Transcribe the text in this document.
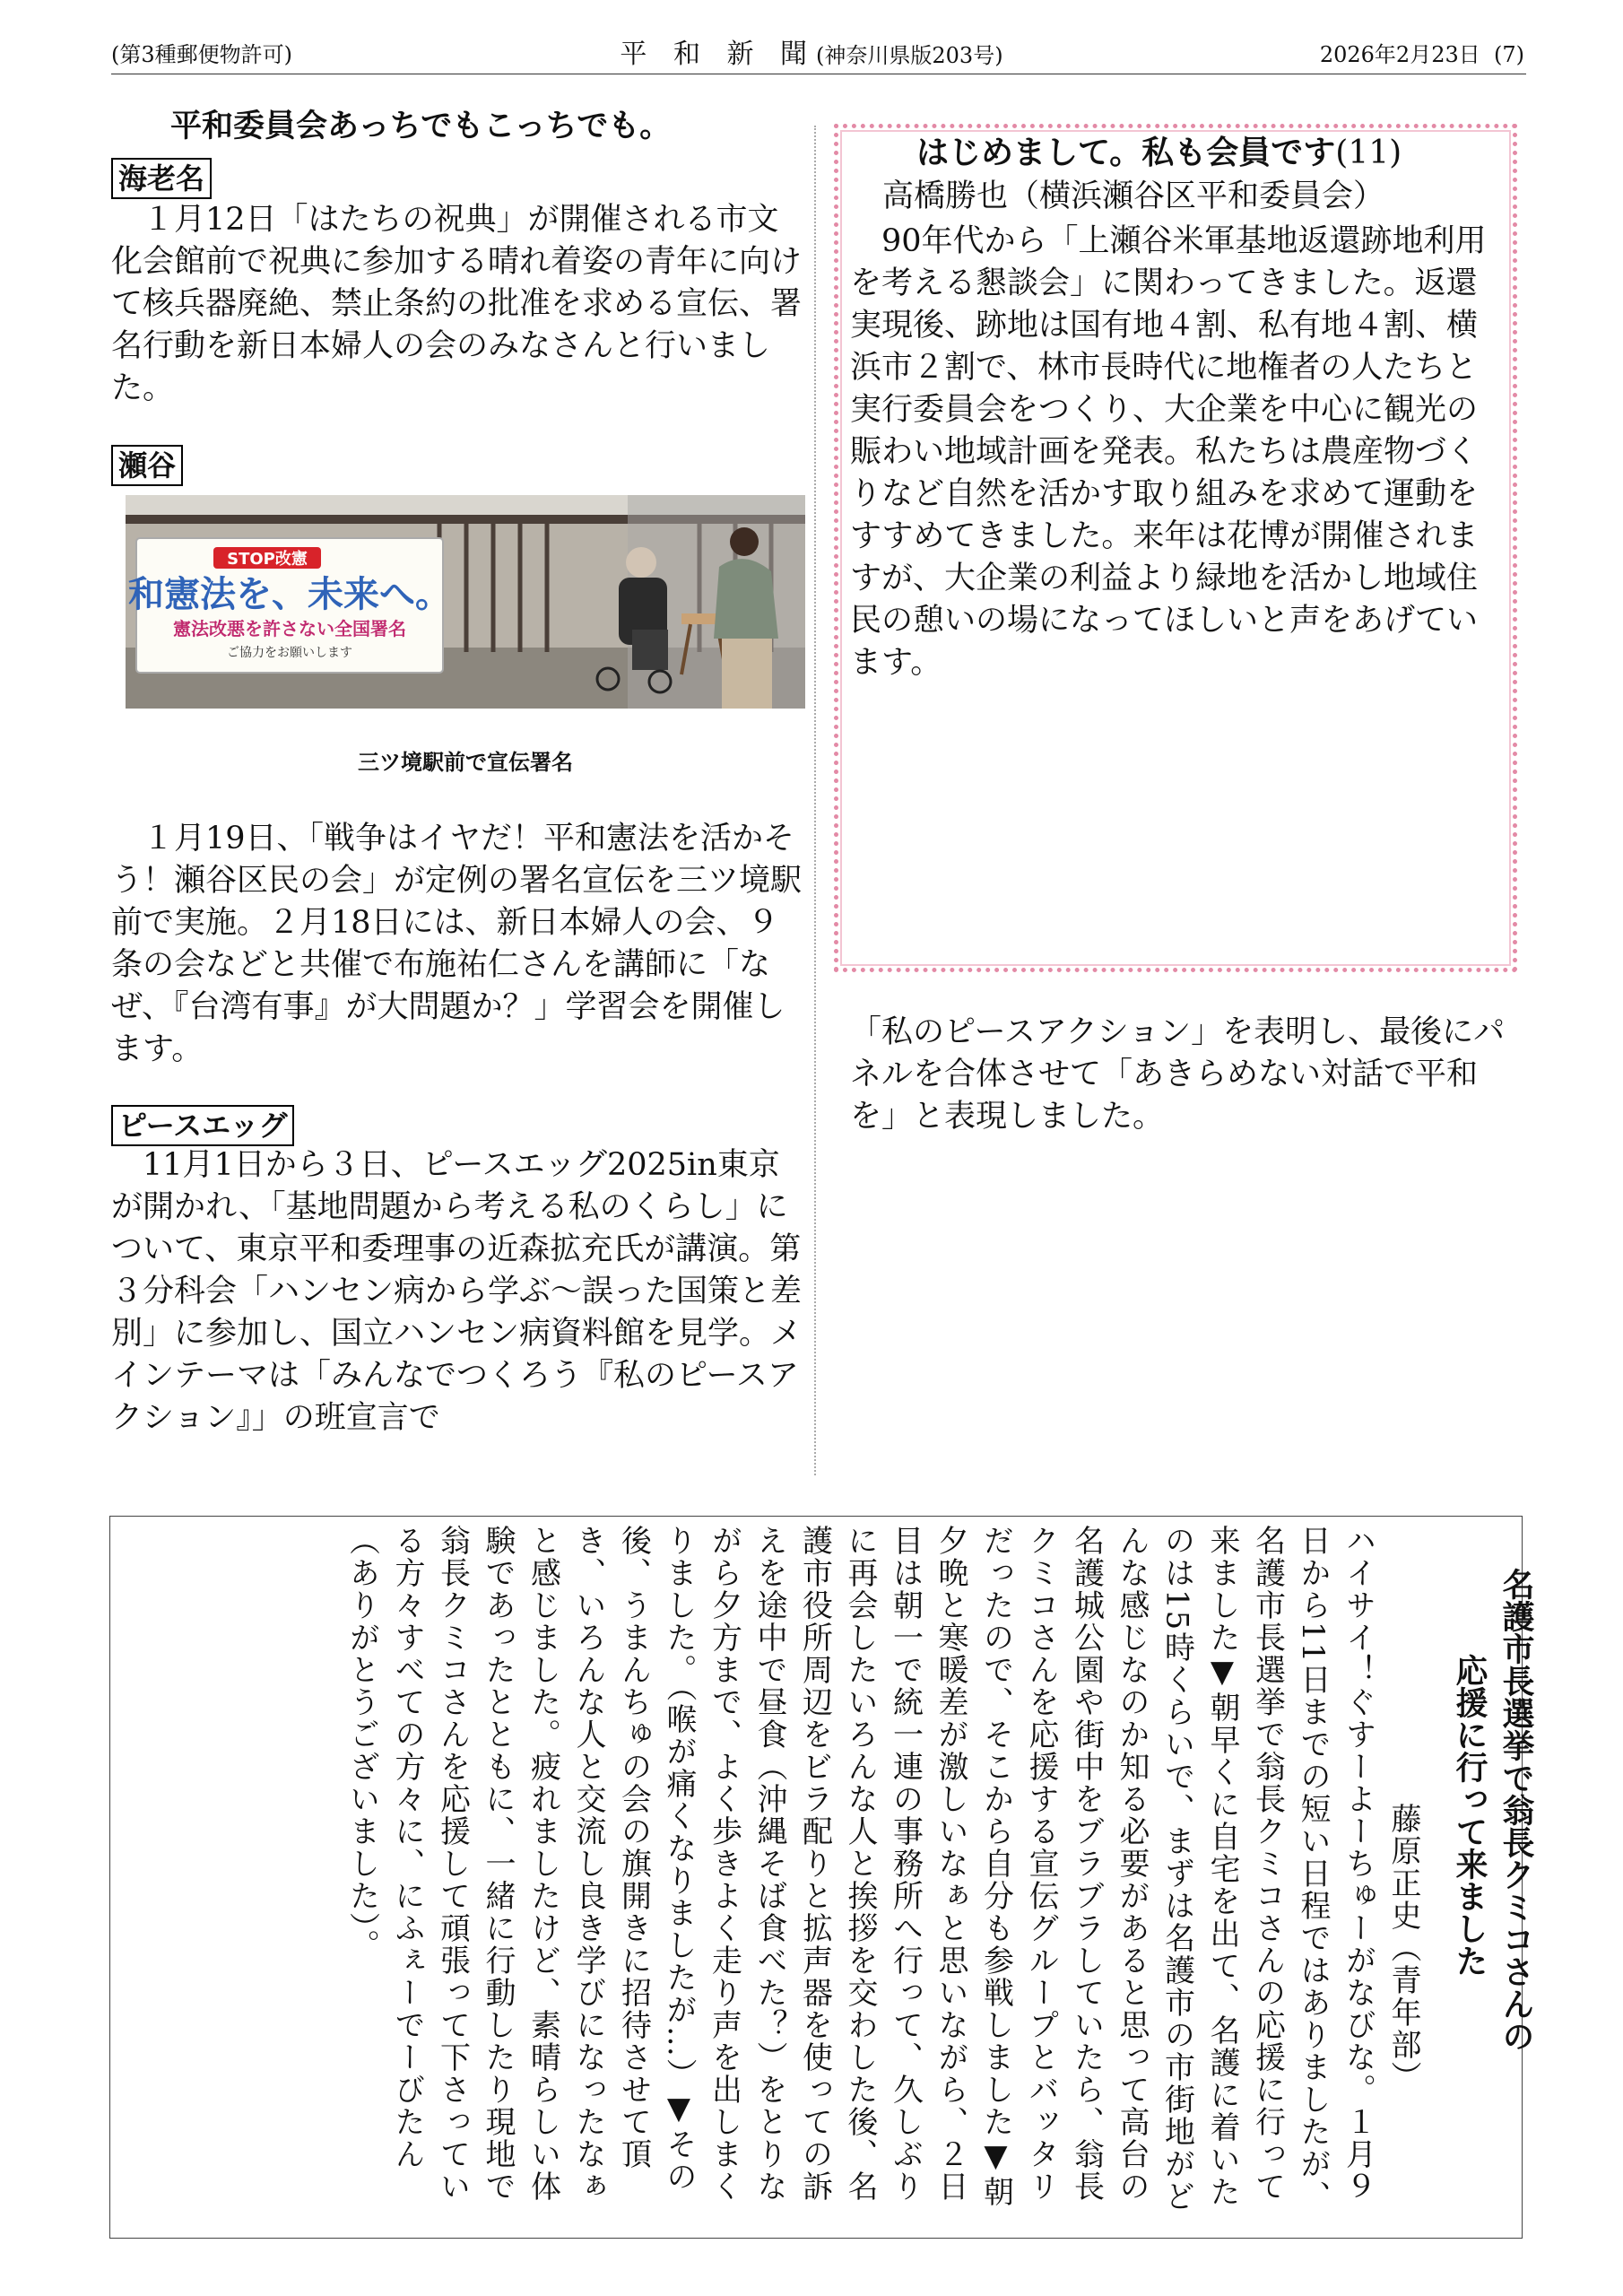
(第3種郵便物許可)	平 和 新 聞(神奈川県版203号)	2026年2月23日 (7)
平和委員会あっちでもこっちでも。
海老名

　１月12日「はたちの祝典」が開催される市文化会館前で祝典に参加する晴れ着姿の青年に向けて核兵器廃絶、禁止条約の批准を求める宣伝、署名行動を新日本婦人の会のみなさんと行いました。

瀬谷
STOP改憲
和憲法を、未来へ。
憲法改悪を許さない全国署名
ご協力をお願いします
三ツ境駅前で宣伝署名

　１月19日、「戦争はイヤだ！平和憲法を活かそう！瀬谷区民の会」が定例の署名宣伝を三ツ境駅前で実施。２月18日には、新日本婦人の会、９条の会などと共催で布施祐仁さんを講師に「なぜ、『台湾有事』が大問題か？」学習会を開催します。

ピースエッグ

　11月1日から３日、ピースエッグ2025in東京が開かれ、「基地問題から考える私のくらし」について、東京平和委理事の近森拡充氏が講演。第３分科会「ハンセン病から学ぶ～誤った国策と差別」に参加し、国立ハンセン病資料館を見学。メインテーマは「みんなでつくろう『私のピースアクション』」の班宣言で

はじめまして。私も会員です(11)
高橋勝也（横浜瀬谷区平和委員会）

　90年代から「上瀬谷米軍基地返還跡地利用を考える懇談会」に関わってきました。返還実現後、跡地は国有地４割、私有地４割、横浜市２割で、林市長時代に地権者の人たちと実行委員会をつくり、大企業を中心に観光の賑わい地域計画を発表。私たちは農産物づくりなど自然を活かす取り組みを求めて運動をすすめてきました。来年は花博が開催されますが、大企業の利益より緑地を活かし地域住民の憩いの場になってほしいと声をあげています。

「私のピースアクション」を表明し、最後にパネルを合体させて「あきらめない対話で平和を」と表現しました。

名護市長選挙で翁長クミコさんの
応援に行って来ました
藤原正史（青年部）
ハイサイ！ぐすーよーちゅーがなびな。１月９日から11日までの短い日程ではありましたが、名護市長選挙で翁長クミコさんの応援に行って来ました▼朝早くに自宅を出て、名護に着いたのは15時くらいで、まずは名護市の市街地がどんな感じなのか知る必要があると思って高台の名護城公園や街中をブラブラしていたら、翁長クミコさんを応援する宣伝グループとバッタリだったので、そこから自分も参戦しました▼朝夕晩と寒暖差が激しいなぁと思いながら、２日目は朝一で統一連の事務所へ行って、久しぶりに再会したいろんな人と挨拶を交わした後、名護市役所周辺をビラ配りと拡声器を使っての訴えを途中で昼食（沖縄そば食べた？）をとりながら夕方まで、よく歩きよく走り声を出しまくりました。（喉が痛くなりましたが…）▼その後、うまんちゅの会の旗開きに招待させて頂き、いろんな人と交流し良き学びになったなぁと感じました。疲れましたけど、素晴らしい体験であったとともに、一緒に行動したり現地で翁長クミコさんを応援して頑張って下さっている方々すべての方々に、にふぇーでーびたん（ありがとうございました）。
